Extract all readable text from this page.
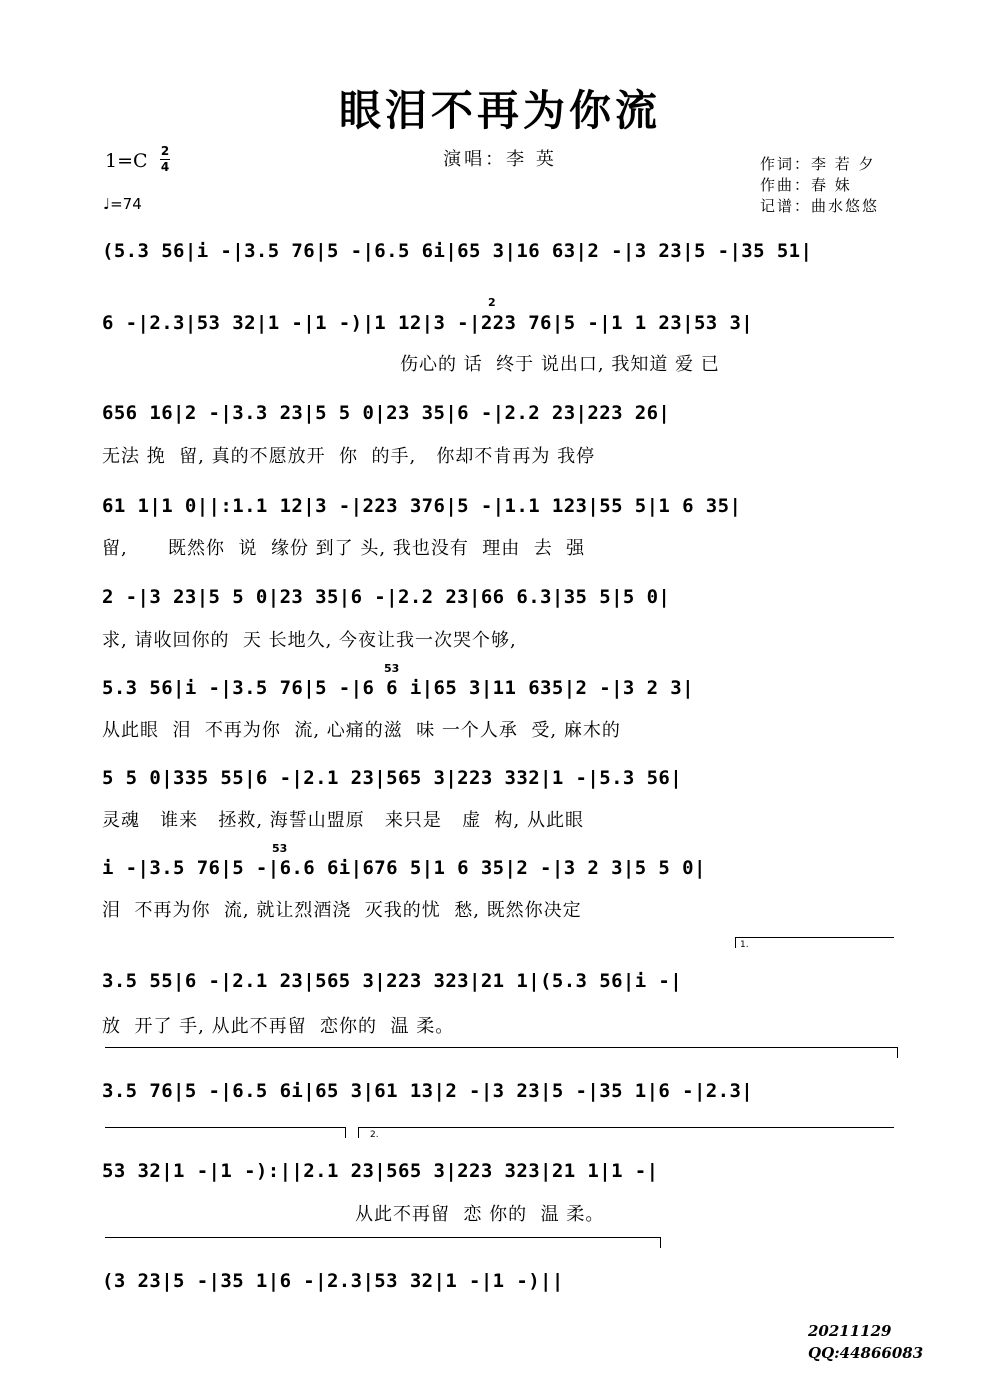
眼泪不再为你流
演唱：李 英
1=C 2
4
♩=74
作词：李 若 夕
作曲：春 妹
记谱：曲水悠悠
(5.3 56|i -|3.5 76|5 -|6.5 6i|65 3|16 63|2 -|3 23|5 -|35 51|
2
6 -|2.3|53 32|1 -|1 -)|1 12|3 -|223 76|5 -|1 1 23|53 3|
伤心的 话  终于 说出口, 我知道 爱 已
656 16|2 -|3.3 23|5 5 0|23 35|6 -|2.2 23|223 26|
无法 挽  留, 真的不愿放开  你  的手,   你却不肯再为 我停
61 1|1 0||:1.1 12|3 -|223 376|5 -|1.1 123|55 5|1 6 35|
留,      既然你  说  缘份 到了 头, 我也没有  理由  去  强
2 -|3 23|5 5 0|23 35|6 -|2.2 23|66 6.3|35 5|5 0|
求, 请收回你的  天 长地久, 今夜让我一次哭个够,
53
5.3 56|i -|3.5 76|5 -|6 6 i|65 3|11 635|2 -|3 2 3|
从此眼  泪  不再为你  流, 心痛的滋  味 一个人承  受, 麻木的
5 5 0|335 55|6 -|2.1 23|565 3|223 332|1 -|5.3 56|
灵魂   谁来   拯救, 海誓山盟原   来只是   虚  构, 从此眼
53
i -|3.5 76|5 -|6.6 6i|676 5|1 6 35|2 -|3 2 3|5 5 0|
泪  不再为你  流, 就让烈酒浇  灭我的忧  愁, 既然你决定
1.
3.5 55|6 -|2.1 23|565 3|223 323|21 1|(5.3 56|i -|
放  开了 手, 从此不再留  恋你的  温 柔。
3.5 76|5 -|6.5 6i|65 3|61 13|2 -|3 23|5 -|35 1|6 -|2.3|
2.
53 32|1 -|1 -):||2.1 23|565 3|223 323|21 1|1 -|
从此不再留  恋 你的  温 柔。
(3 23|5 -|35 1|6 -|2.3|53 32|1 -|1 -)||
20211129
QQ:44866083
